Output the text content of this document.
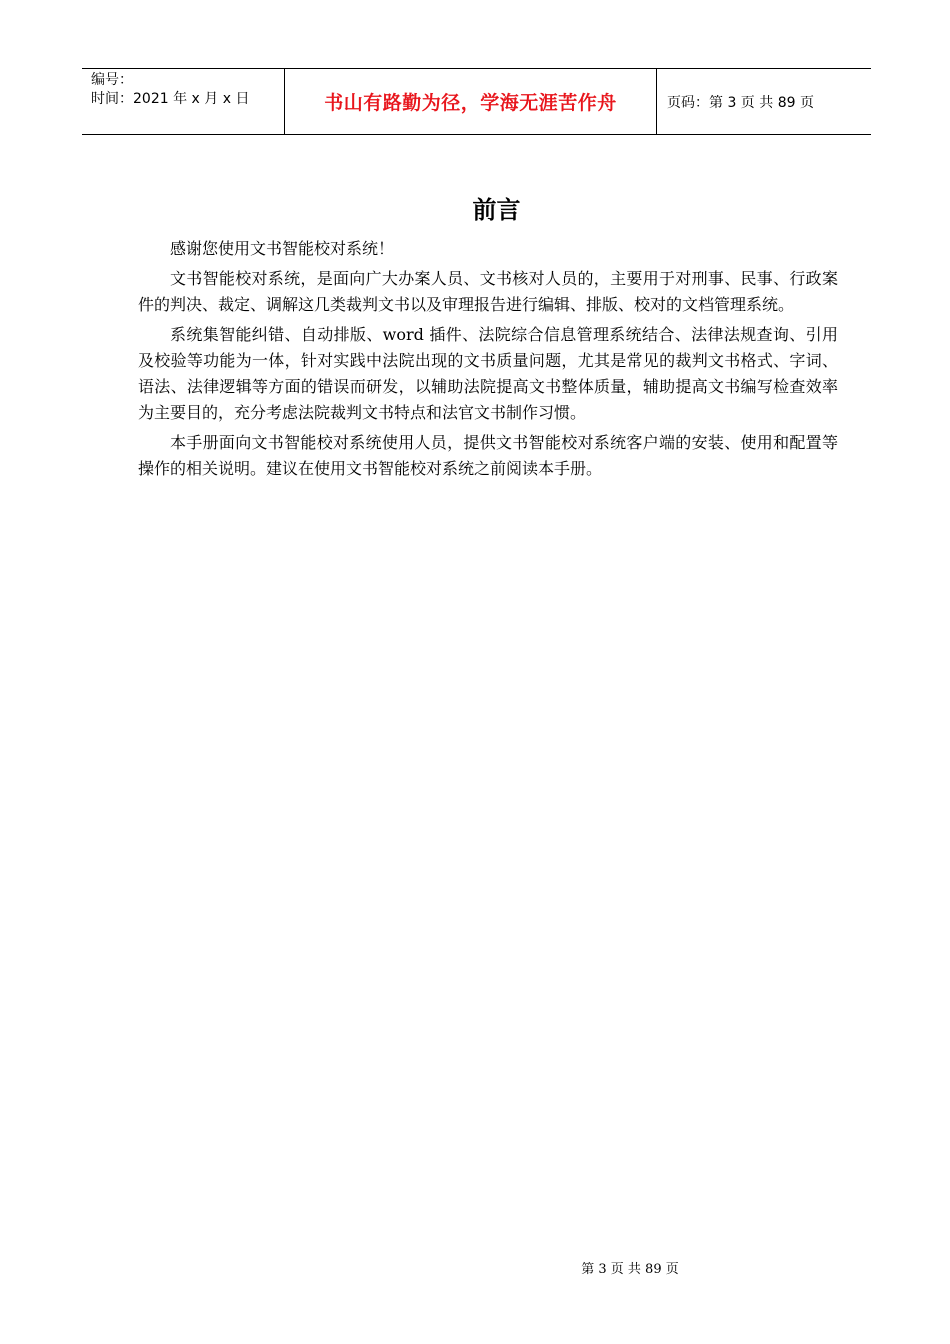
编号：
时间：2021 年 x 月 x 日	书山有路勤为径，学海无涯苦作舟	页码：第 3 页 共 89 页
前言

感谢您使用文书智能校对系统！

文书智能校对系统，是面向广大办案人员、文书核对人员的，主要用于对刑事、民事、行政案件的判决、裁定、调解这几类裁判文书以及审理报告进行编辑、排版、校对的文档管理系统。

系统集智能纠错、自动排版、word 插件、法院综合信息管理系统结合、法律法规查询、引用及校验等功能为一体，针对实践中法院出现的文书质量问题，尤其是常见的裁判文书格式、字词、语法、法律逻辑等方面的错误而研发，以辅助法院提高文书整体质量，辅助提高文书编写检查效率为主要目的，充分考虑法院裁判文书特点和法官文书制作习惯。

本手册面向文书智能校对系统使用人员，提供文书智能校对系统客户端的安装、使用和配置等操作的相关说明。建议在使用文书智能校对系统之前阅读本手册。

第 3 页 共 89 页
